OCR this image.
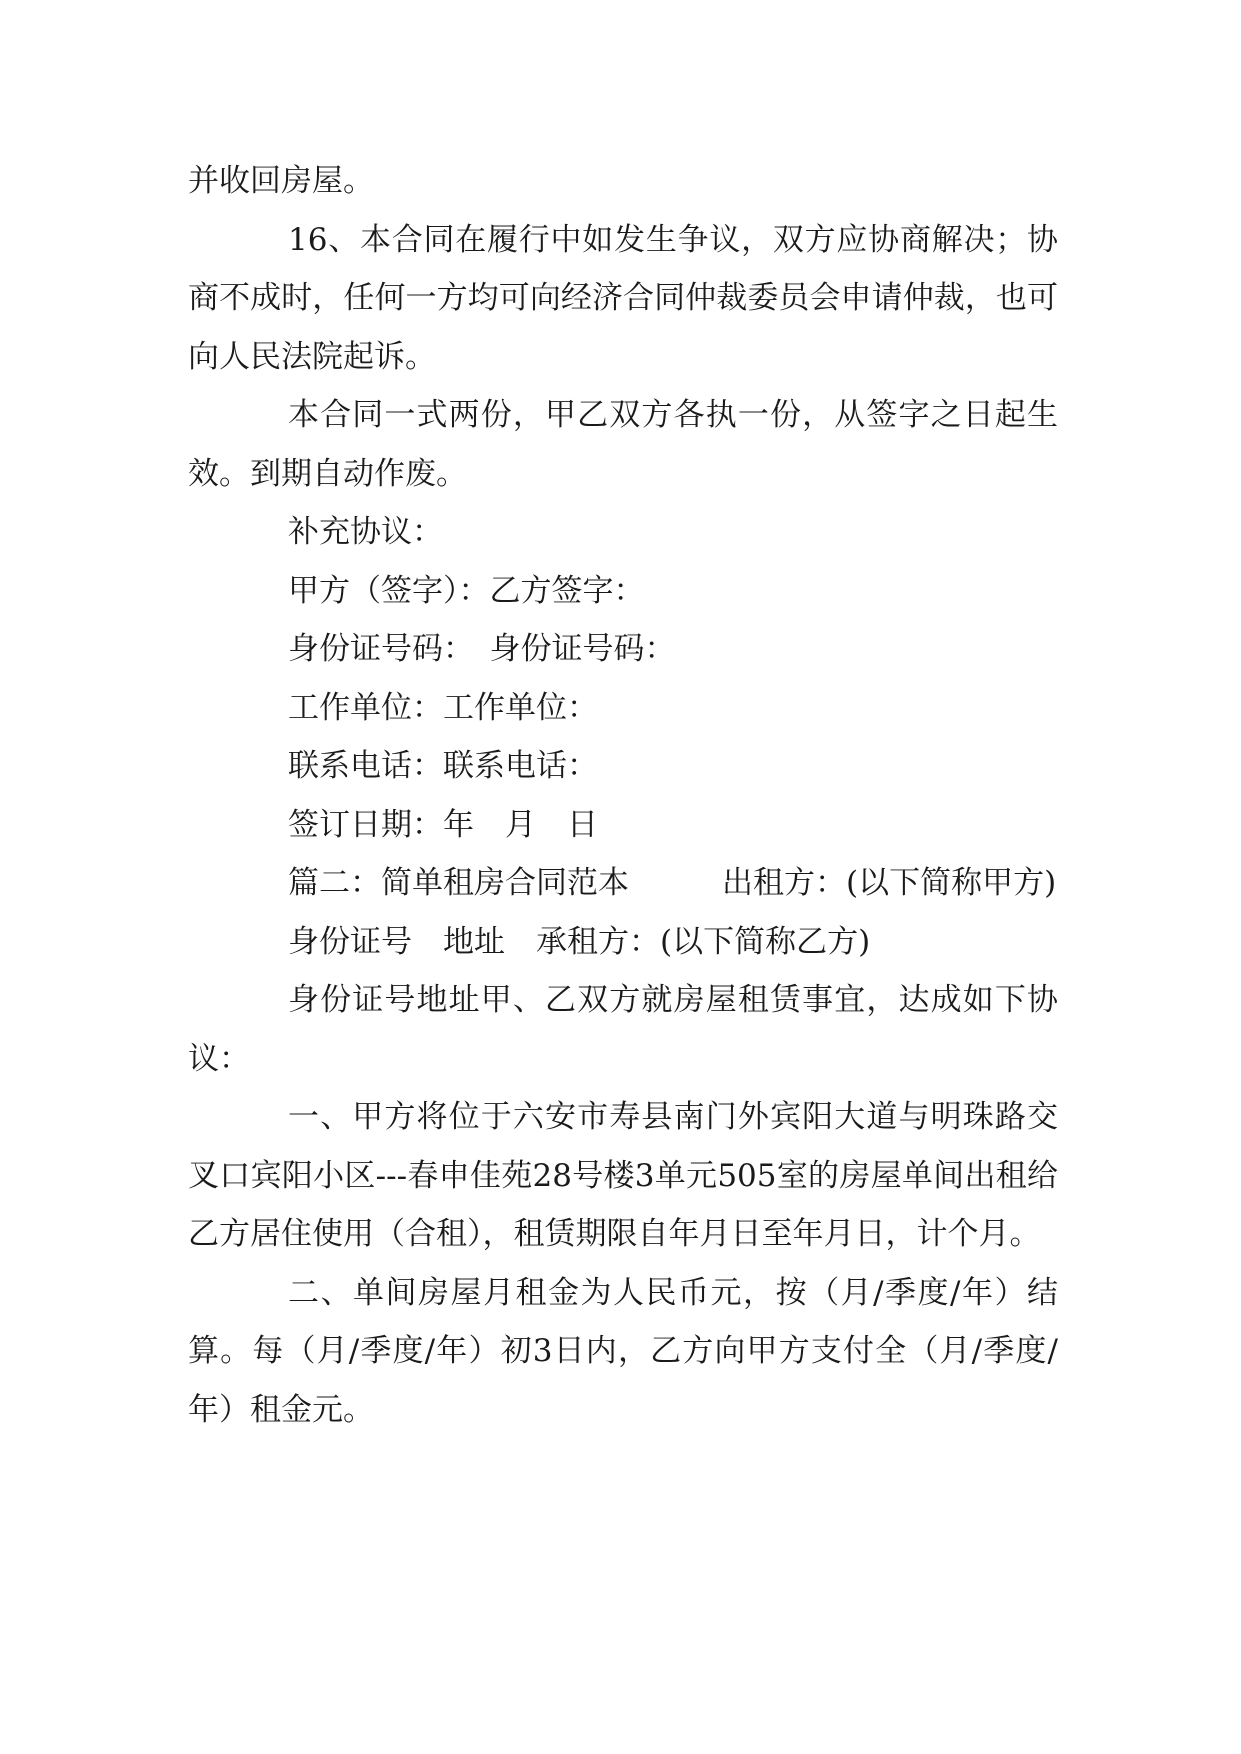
并收回房屋。

16、本合同在履行中如发生争议，双方应协商解决；协商不成时，任何一方均可向经济合同仲裁委员会申请仲裁，也可向人民法院起诉。

本合同一式两份，甲乙双方各执一份，从签字之日起生效。到期自动作废。

补充协议：

甲方（签字）：乙方签字：

身份证号码：　身份证号码：

工作单位：工作单位：

联系电话：联系电话：

签订日期：年　月　日

篇二：简单租房合同范本　　　出租方：(以下简称甲方)

身份证号　地址　承租方：(以下简称乙方)

身份证号地址甲、乙双方就房屋租赁事宜，达成如下协议：

一、甲方将位于六安市寿县南门外宾阳大道与明珠路交叉口宾阳小区---春申佳苑28号楼3单元505室的房屋单间出租给乙方居住使用（合租），租赁期限自年月日至年月日，计个月。

二、单间房屋月租金为人民币元，按（月/季度/年）结算。每（月/季度/年）初3日内，乙方向甲方支付全（月/季度/年）租金元。
